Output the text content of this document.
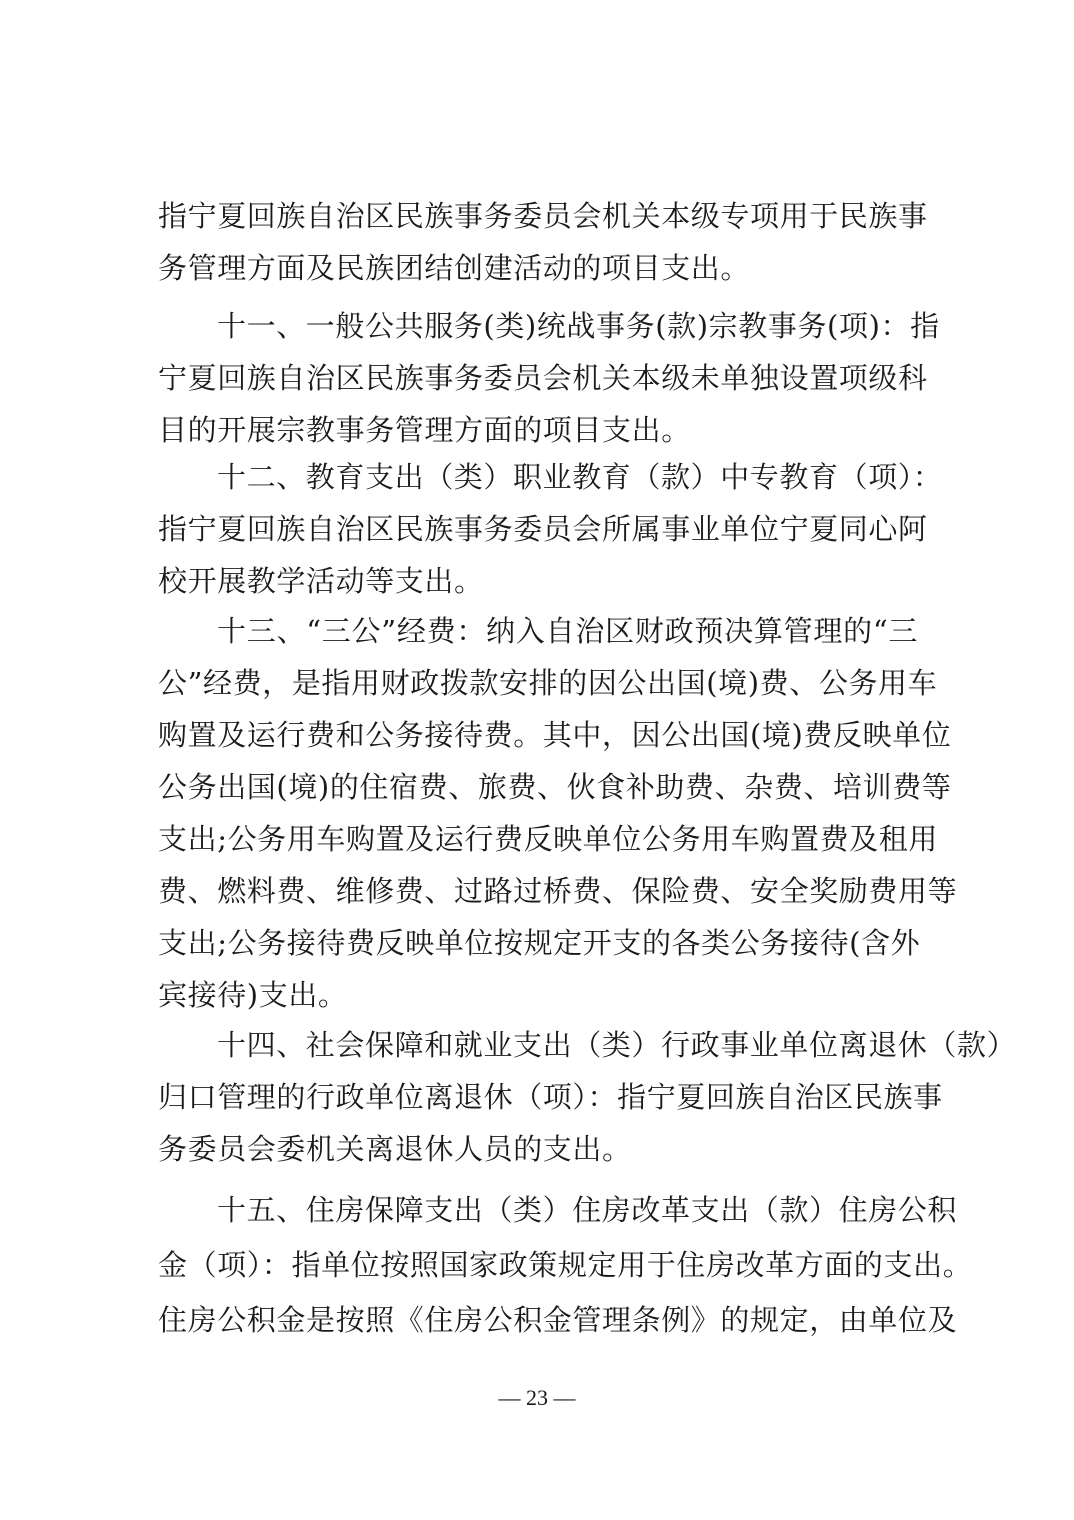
指宁夏回族自治区民族事务委员会机关本级专项用于民族事
务管理方面及民族团结创建活动的项目支出。
十一、一般公共服务(类)统战事务(款)宗教事务(项)：指
宁夏回族自治区民族事务委员会机关本级未单独设置项级科
目的开展宗教事务管理方面的项目支出。
十二、教育支出（类）职业教育（款）中专教育（项）：
指宁夏回族自治区民族事务委员会所属事业单位宁夏同心阿
校开展教学活动等支出。
十三、“三公”经费：纳入自治区财政预决算管理的“三
公”经费，是指用财政拨款安排的因公出国(境)费、公务用车
购置及运行费和公务接待费。其中，因公出国(境)费反映单位
公务出国(境)的住宿费、旅费、伙食补助费、杂费、培训费等
支出;公务用车购置及运行费反映单位公务用车购置费及租用
费、燃料费、维修费、过路过桥费、保险费、安全奖励费用等
支出;公务接待费反映单位按规定开支的各类公务接待(含外
宾接待)支出。
十四、社会保障和就业支出（类）行政事业单位离退休（款）
归口管理的行政单位离退休（项）：指宁夏回族自治区民族事
务委员会委机关离退休人员的支出。
十五、住房保障支出（类）住房改革支出（款）住房公积
金（项）：指单位按照国家政策规定用于住房改革方面的支出。
住房公积金是按照《住房公积金管理条例》的规定，由单位及
— 23 —
